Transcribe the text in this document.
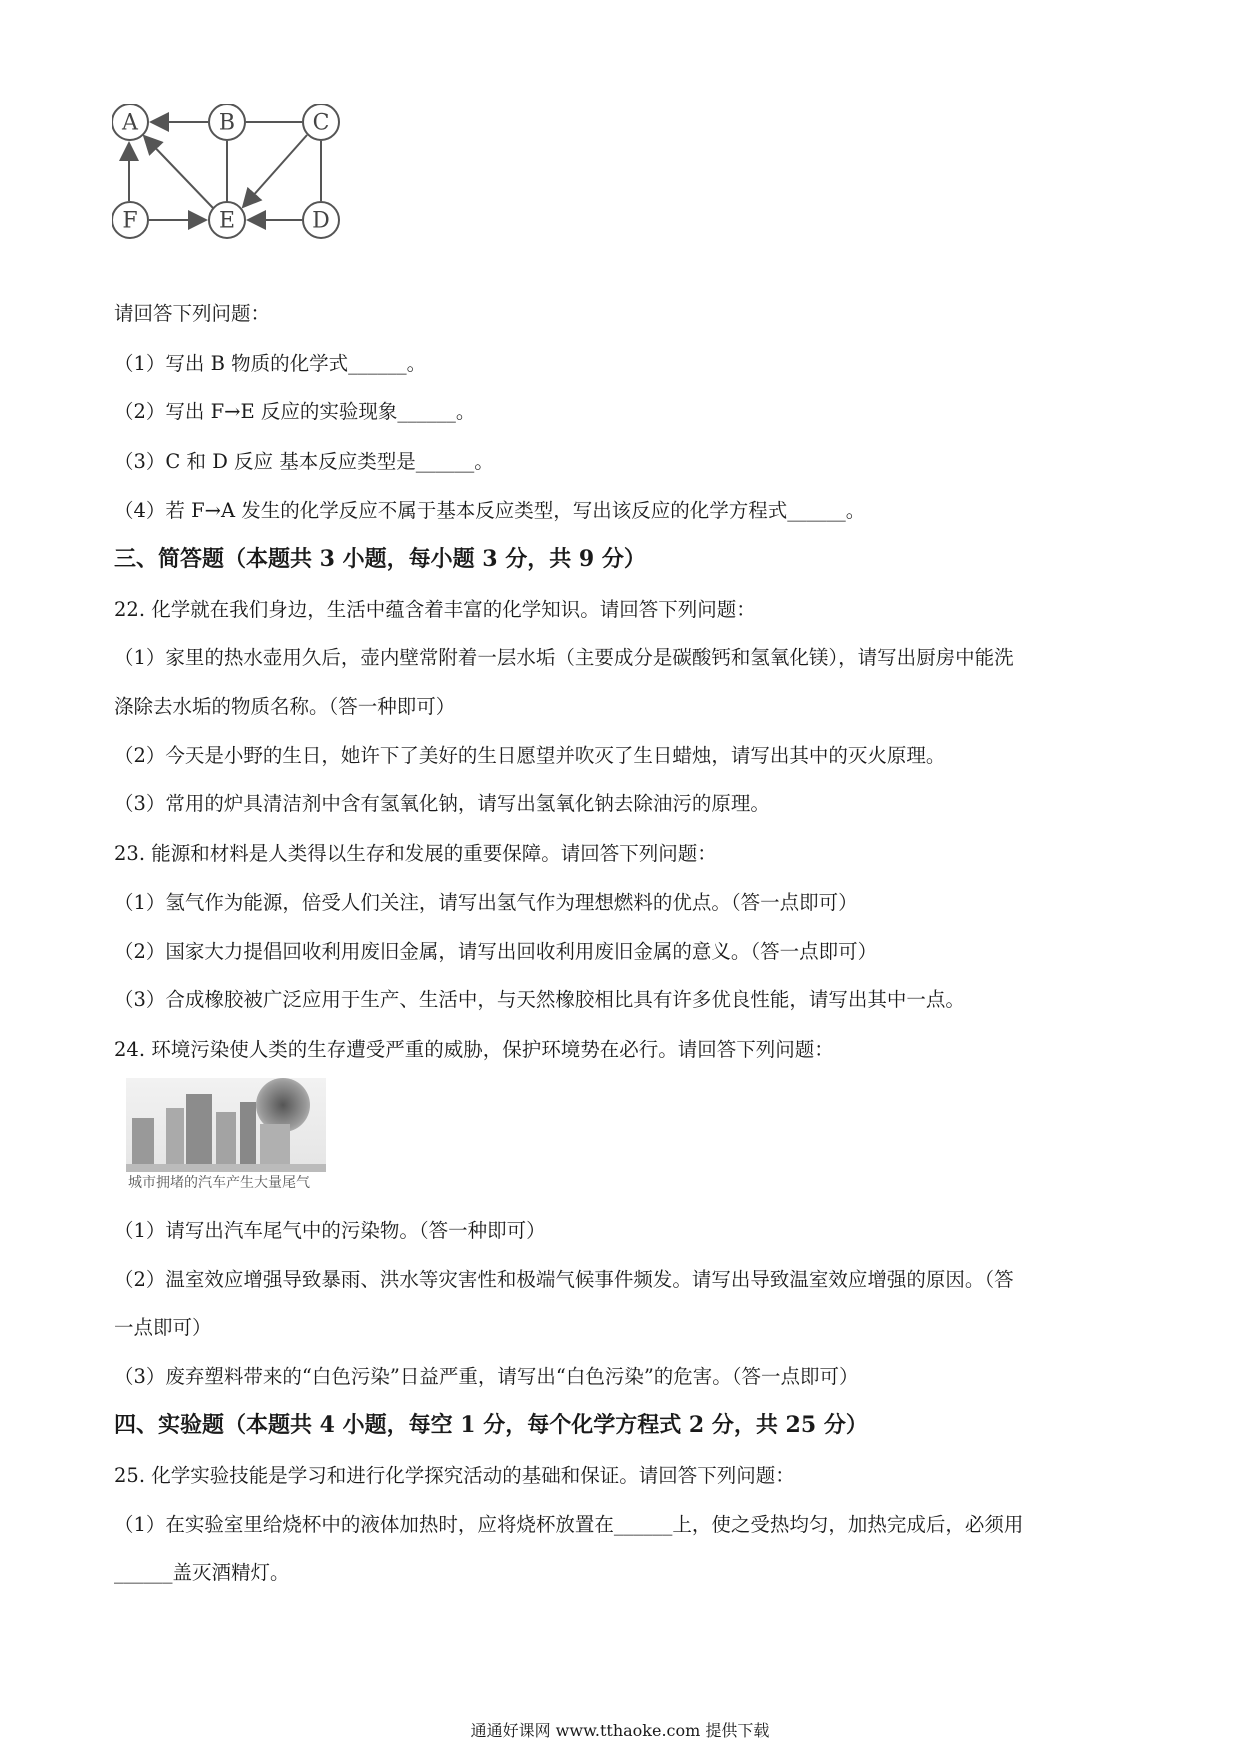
A	B	C
D
E
F
请回答下列问题：
（1）写出 B 物质的化学式______。
（2）写出 F→E 反应的实验现象______。
（3）C 和 D 反应 基本反应类型是______。
（4）若 F→A 发生的化学反应不属于基本反应类型，写出该反应的化学方程式______。
三、简答题（本题共 3 小题，每小题 3 分，共 9 分）
22. 化学就在我们身边，生活中蕴含着丰富的化学知识。请回答下列问题：
（1）家里的热水壶用久后，壶内壁常附着一层水垢（主要成分是碳酸钙和氢氧化镁），请写出厨房中能洗
涤除去水垢的物质名称。（答一种即可）
（2）今天是小野的生日，她许下了美好的生日愿望并吹灭了生日蜡烛，请写出其中的灭火原理。
（3）常用的炉具清洁剂中含有氢氧化钠，请写出氢氧化钠去除油污的原理。
23. 能源和材料是人类得以生存和发展的重要保障。请回答下列问题：
（1）氢气作为能源，倍受人们关注，请写出氢气作为理想燃料的优点。（答一点即可）
（2）国家大力提倡回收利用废旧金属，请写出回收利用废旧金属的意义。（答一点即可）
（3）合成橡胶被广泛应用于生产、生活中，与天然橡胶相比具有许多优良性能，请写出其中一点。
24. 环境污染使人类的生存遭受严重的威胁，保护环境势在必行。请回答下列问题：
城市拥堵的汽车产生大量尾气
（1）请写出汽车尾气中的污染物。（答一种即可）
（2）温室效应增强导致暴雨、洪水等灾害性和极端气候事件频发。请写出导致温室效应增强的原因。（答
一点即可）
（3）废弃塑料带来的“白色污染”日益严重，请写出“白色污染”的危害。（答一点即可）
四、实验题（本题共 4 小题，每空 1 分，每个化学方程式 2 分，共 25 分）
25. 化学实验技能是学习和进行化学探究活动的基础和保证。请回答下列问题：
（1）在实验室里给烧杯中的液体加热时，应将烧杯放置在______上，使之受热均匀，加热完成后，必须用
______盖灭酒精灯。
通通好课网 www.tthaoke.com 提供下载
